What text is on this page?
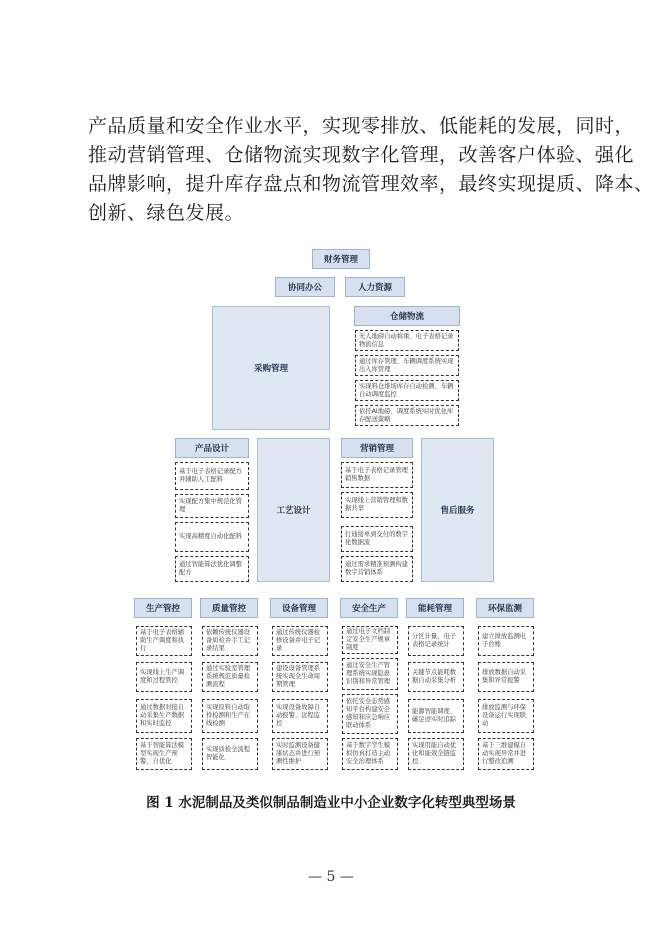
产品质量和安全作业水平，实现零排放、低能耗的发展，同时，
推动营销管理、仓储物流实现数字化管理，改善客户体验、强化
品牌影响，提升库存盘点和物流管理效率，最终实现提质、降本、
创新、绿色发展。
财务管理
协同办公	人力资源
采购管理
仓储物流
无人地磅自动称重、电子表格记录物流信息
通过库存管理、车辆调度系统实现出入库管理
实现料仓堆场库存自动检测、车辆自动调度监控
依托AI地磅、调度系统实时优化库存配送策略
产品设计
基于电子表格记录配方并辅助人工配料
实现配方集中规范化管理
实现高精度自动化配料
通过智能算法优化调整配方
工艺设计
营销管理
基于电子表格记录管理销售数据
实现线上营销管理和数据共享
打通接单到交付的数字化数据流
通过需求精准预测构建数字营销体系
售后服务
生产管控
基于电子表格辅助生产调度和执行
实现线上生产调度和过程管控
通过数据对接自动采集生产数据和实时监控
基于智能算法模型实现生产预警、自优化
质量管控
依赖传统仪器设备质检并手工记录结果
通过实验室管理系统规范质量检测流程
实现原料自动取样检测和生产在线检测
实现质检全流程智能化
设备管理
通过传统仪器检修设备并电子记录
建设设备管理系统实现全生命周期管理
实现设备故障自动报警、远程监控
实时监测设备健康状态并进行预测性维护
安全生产
通过电子文档制定安全生产规章制度
通过安全生产管理系统实现隐患识别和异常管理
依托安全态势感知平台构建安全感知和应急响应联动体系
基于数字孪生模拟仿真打造主动安全治理体系
能耗管理
分区计量、电子表格记录统计
关键节点能耗数据自动采集分析
能源智能调度、碳足迹实时追踪
实现用能自动优化和能效全链监控
环保监测
建立排放监测电子台账
排放数据自动采集和异常报警
排放监测与环保设备运行实现联动
基于三维建模自动实现异常并进行整改追溯
图 1 水泥制品及类似制品制造业中小企业数字化转型典型场景
— 5 —
